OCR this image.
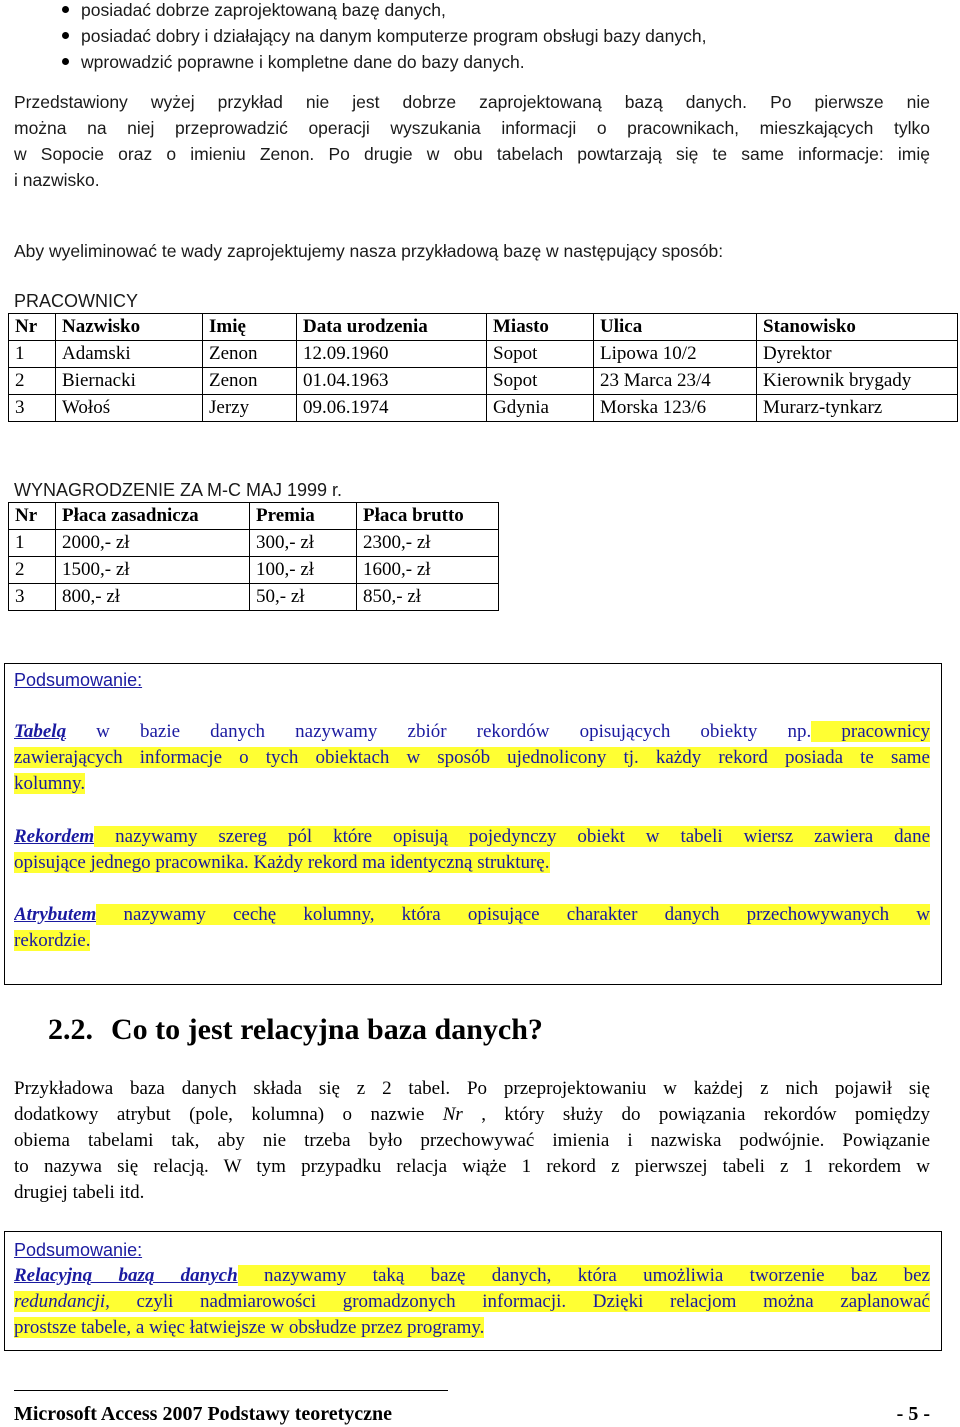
posiadać dobrze zaprojektowaną bazę danych,
posiadać dobry i działający na danym komputerze program obsługi bazy danych,
wprowadzić poprawne i kompletne dane do bazy danych.
Przedstawiony wyżej przykład nie jest dobrze zaprojektowaną bazą danych. Po pierwsze nie
można na niej przeprowadzić operacji wyszukania informacji o pracownikach, mieszkających tylko
w Sopocie oraz o imieniu Zenon. Po drugie w obu tabelach powtarzają się te same informacje: imię
i nazwisko.
Aby wyeliminować te wady zaprojektujemy nasza przykładową bazę w następujący sposób:
PRACOWNICY
Nr	Nazwisko	Imię	Data urodzenia	Miasto	Ulica	Stanowisko
1	Adamski	Zenon	12.09.1960	Sopot	Lipowa 10/2	Dyrektor
2	Biernacki	Zenon	01.04.1963	Sopot	23 Marca 23/4	Kierownik brygady
3	Wołoś	Jerzy	09.06.1974	Gdynia	Morska 123/6	Murarz-tynkarz
WYNAGRODZENIE ZA M-C MAJ 1999 r.
Nr	Płaca zasadnicza	Premia	Płaca brutto
1	2000,- zł	300,- zł	2300,- zł
2	1500,- zł	100,- zł	1600,- zł
3	800,- zł	50,- zł	850,- zł
Podsumowanie:
Tabelą w bazie danych nazywamy zbiór rekordów opisujących obiekty np. pracownicy
zawierających informacje o tych obiektach w sposób ujednolicony tj. każdy rekord posiada te same
kolumny.
Rekordem nazywamy szereg pól które opisują pojedynczy obiekt w tabeli wiersz zawiera dane
opisujące jednego pracownika. Każdy rekord ma identyczną strukturę.
Atrybutem nazywamy cechę kolumny, która opisujące charakter danych przechowywanych w
rekordzie.
2.2. Co to jest relacyjna baza danych?
Przykładowa baza danych składa się z 2 tabel. Po przeprojektowaniu w każdej z nich pojawił się
dodatkowy atrybut (pole, kolumna) o nazwie Nr , który służy do powiązania rekordów pomiędzy
obiema tabelami tak, aby nie trzeba było przechowywać imienia i nazwiska podwójnie. Powiązanie
to nazywa się relacją. W tym przypadku relacja wiąże 1 rekord z pierwszej tabeli z 1 rekordem w
drugiej tabeli itd.
Podsumowanie:
Relacyjną bazą danych nazywamy taką bazę danych, która umożliwia tworzenie baz bez
redundancji, czyli nadmiarowości gromadzonych informacji. Dzięki relacjom można zaplanować
prostsze tabele, a więc łatwiejsze w obsłudze przez programy.
Microsoft Access 2007 Podstawy teoretyczne	- 5 -
